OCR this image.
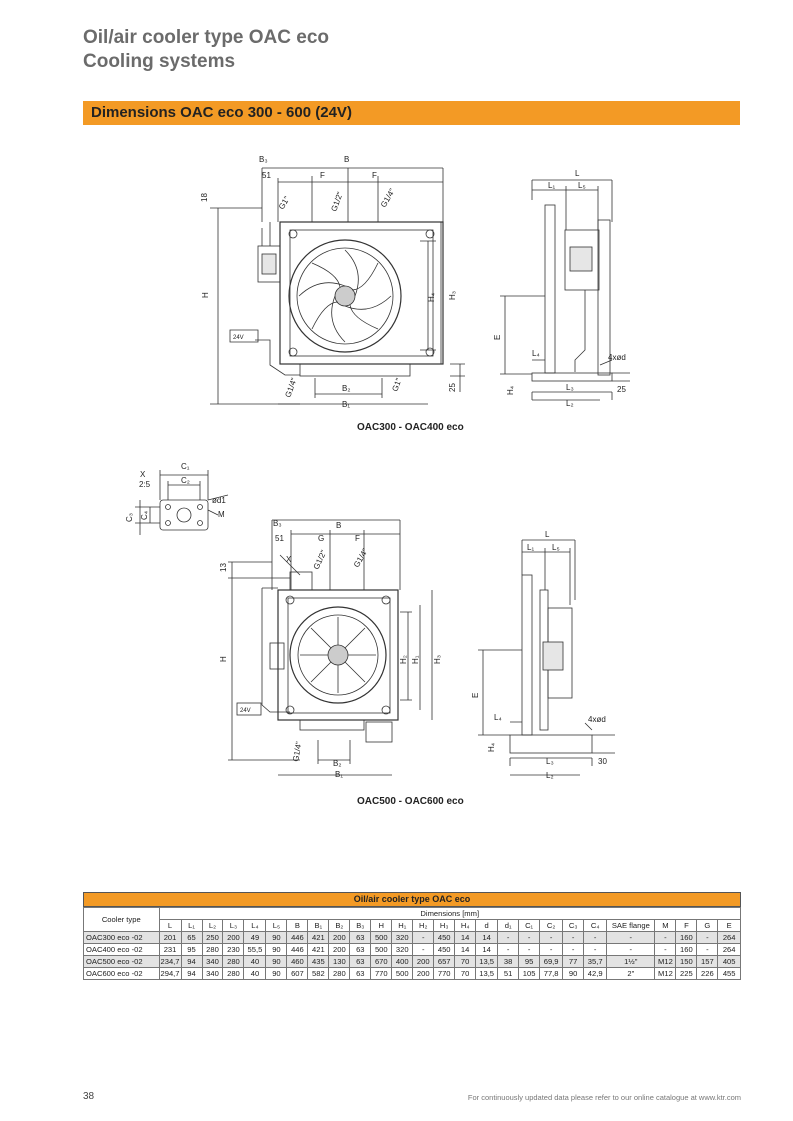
Oil/air cooler type OAC eco
Cooling systems
Dimensions OAC eco 300 - 600 (24V)
B₃	B
51	F	F
G1"	G1/2"	G1/4"
18
H	H₄ H₃
24V
G1/4"	B₂	G1"	25
B₁
L
L₁	L₅
E
L₄	4xød
H₄	L₃	25
L₂
X
2:5
C₁
C₂
ød1
C₃ C₄	M
B₃	B
51	G	F
X	G1/2"	G1/4"
13
H	H₂ H₁ H₃
24V
G1/4"
B₂
B₁
L
L₁ L₅
E
L₄	4xød
H₄
L₃	30
L₂
OAC300 - OAC400 eco
OAC500 - OAC600 eco
Oil/air cooler type OAC eco
Cooler type	Dimensions [mm]																									
	L	L₁	L₂	L₃	L₄	L₅	B	B₁	B₂	B₃	H	H₁	H₂	H₃	H₄	d	d₁	C₁	C₂	C₃	C₄	SAE flange	M	F	G	E
OAC300 eco -02	201	65	250	200	49	90	446	421	200	63	500	320	-	450	14	14	-	-	-	-	-	-	-	160	-	264
OAC400 eco -02	231	95	280	230	55,5	90	446	421	200	63	500	320	-	450	14	14	-	-	-	-	-	-	-	160	-	264
OAC500 eco -02	234,7	94	340	280	40	90	460	435	130	63	670	400	200	657	70	13,5	38	95	69,9	77	35,7	1½"	M12	150	157	405
OAC600 eco -02	294,7	94	340	280	40	90	607	582	280	63	770	500	200	770	70	13,5	51	105	77,8	90	42,9	2"	M12	225	226	455
38	For continuously updated data please refer to our online catalogue at www.ktr.com
